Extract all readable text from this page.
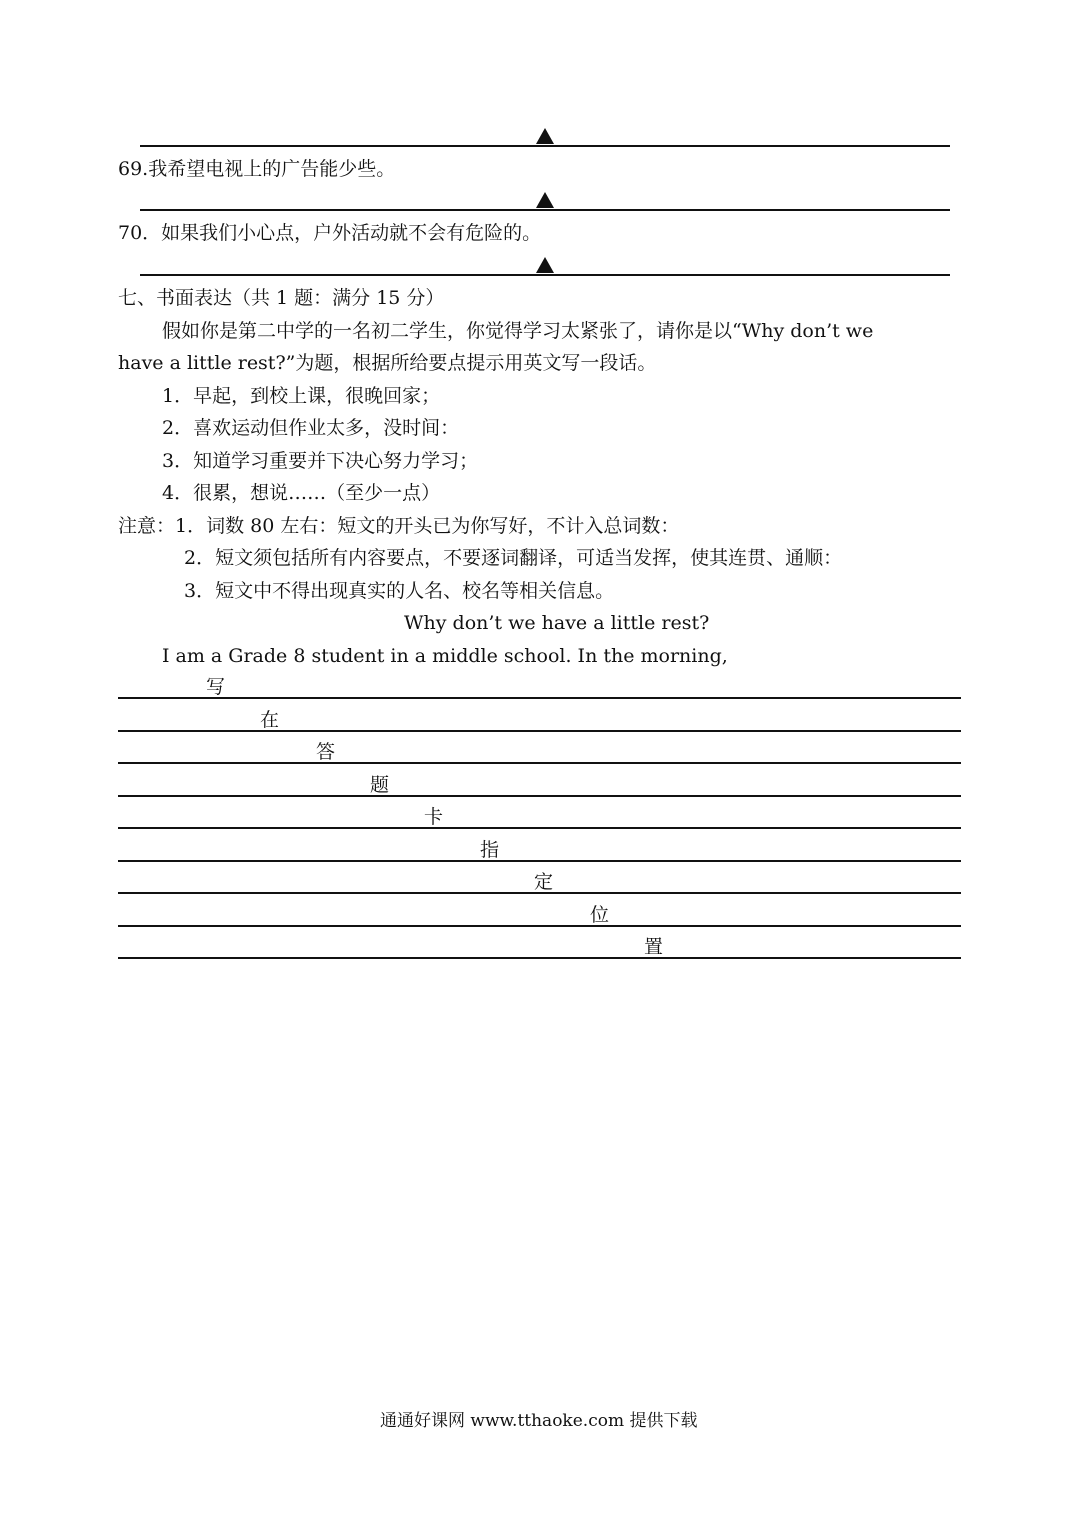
69.我希望电视上的广告能少些。
70．如果我们小心点，户外活动就不会有危险的。
七、书面表达（共 1 题：满分 15 分）
假如你是第二中学的一名初二学生，你觉得学习太紧张了，请你是以“Why don’t we
have a little rest?”为题，根据所给要点提示用英文写一段话。
1．早起，到校上课，很晚回家；
2．喜欢运动但作业太多，没时间：
3．知道学习重要并下决心努力学习；
4．很累，想说……（至少一点）
注意：1．词数 80 左右：短文的开头已为你写好，不计入总词数：
2．短文须包括所有内容要点，不要逐词翻译，可适当发挥，使其连贯、通顺：
3．短文中不得出现真实的人名、校名等相关信息。
Why don’t we have a little rest?
I am a Grade 8 student in a middle school. In the morning,
写
在
答
题
卡
指
定
位
置
通通好课网 www.tthaoke.com 提供下载
